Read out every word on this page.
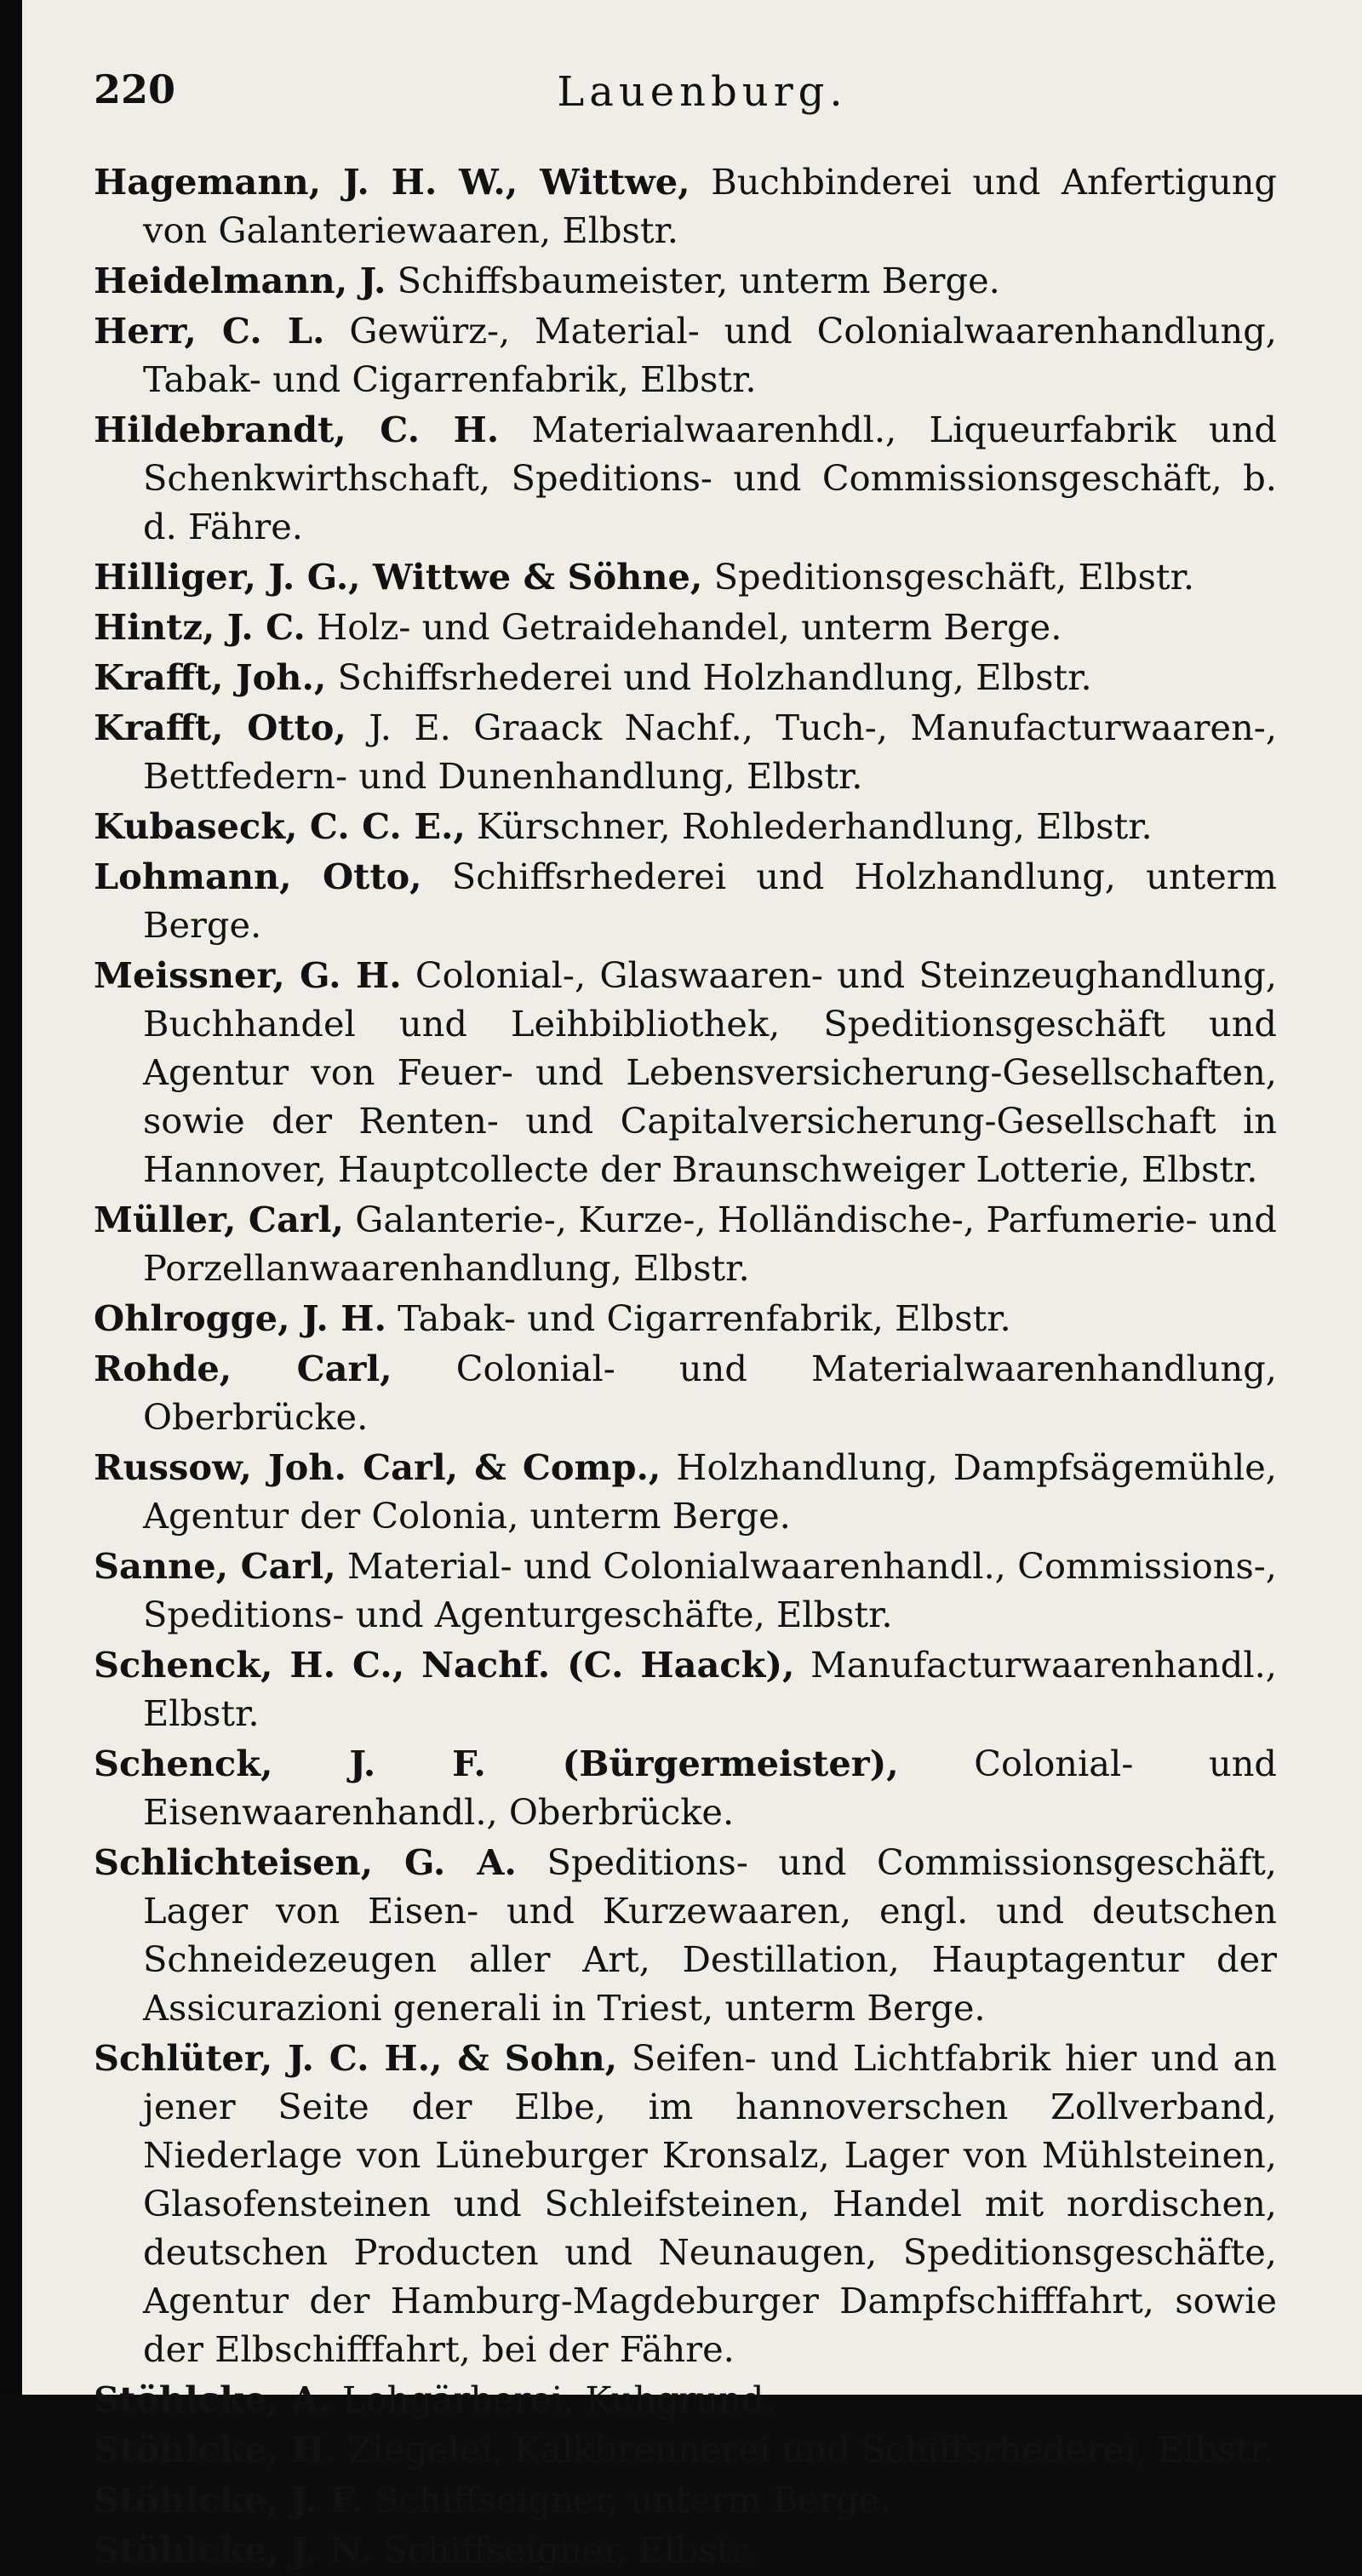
220	Lauenburg.

Hagemann, J. H. W., Wittwe, Buchbinderei und Anfertigung von Galanteriewaaren, Elbstr.

Heidelmann, J. Schiffsbaumeister, unterm Berge.

Herr, C. L. Gewürz-, Material- und Colonialwaarenhandlung, Tabak- und Cigarrenfabrik, Elbstr.

Hildebrandt, C. H. Materialwaarenhdl., Liqueurfabrik und Schenkwirthschaft, Speditions- und Commissionsgeschäft, b. d. Fähre.

Hilliger, J. G., Wittwe & Söhne, Speditionsgeschäft, Elbstr.

Hintz, J. C. Holz- und Getraidehandel, unterm Berge.

Krafft, Joh., Schiffsrhederei und Holzhandlung, Elbstr.

Krafft, Otto, J. E. Graack Nachf., Tuch-, Manufacturwaaren-, Bettfedern- und Dunenhandlung, Elbstr.

Kubaseck, C. C. E., Kürschner, Rohlederhandlung, Elbstr.

Lohmann, Otto, Schiffsrhederei und Holzhandlung, unterm Berge.

Meissner, G. H. Colonial-, Glaswaaren- und Steinzeughandlung, Buchhandel und Leihbibliothek, Speditionsgeschäft und Agentur von Feuer- und Lebensversicherung-Gesellschaften, sowie der Renten- und Capitalversicherung-Gesellschaft in Hannover, Hauptcollecte der Braunschweiger Lotterie, Elbstr.

Müller, Carl, Galanterie-, Kurze-, Holländische-, Parfumerie- und Porzellanwaarenhandlung, Elbstr.

Ohlrogge, J. H. Tabak- und Cigarrenfabrik, Elbstr.

Rohde, Carl, Colonial- und Materialwaarenhandlung, Oberbrücke.

Russow, Joh. Carl, & Comp., Holzhandlung, Dampfsägemühle, Agentur der Colonia, unterm Berge.

Sanne, Carl, Material- und Colonialwaarenhandl., Commissions-, Speditions- und Agenturgeschäfte, Elbstr.

Schenck, H. C., Nachf. (C. Haack), Manufacturwaarenhandl., Elbstr.

Schenck, J. F. (Bürgermeister), Colonial- und Eisenwaarenhandl., Oberbrücke.

Schlichteisen, G. A. Speditions- und Commissionsgeschäft, Lager von Eisen- und Kurzewaaren, engl. und deutschen Schneidezeugen aller Art, Destillation, Hauptagentur der Assicurazioni generali in Triest, unterm Berge.

Schlüter, J. C. H., & Sohn, Seifen- und Lichtfabrik hier und an jener Seite der Elbe, im hannoverschen Zollverband, Niederlage von Lüneburger Kronsalz, Lager von Mühlsteinen, Glasofensteinen und Schleifsteinen, Handel mit nordischen, deutschen Producten und Neunaugen, Speditionsgeschäfte, Agentur der Hamburg-Magdeburger Dampfschifffahrt, sowie der Elbschifffahrt, bei der Fähre.

Stöhlcke, A. Lohgärberei, Kuhgrund.

Stöhlcke, H. Ziegelei, Kalkbrennerei und Schiffsrhederei, Elbstr.

Stöhlcke, J. F. Schiffseigner, unterm Berge.

Stöhlcke, J. N. Schiffseigner, Elbstr.
